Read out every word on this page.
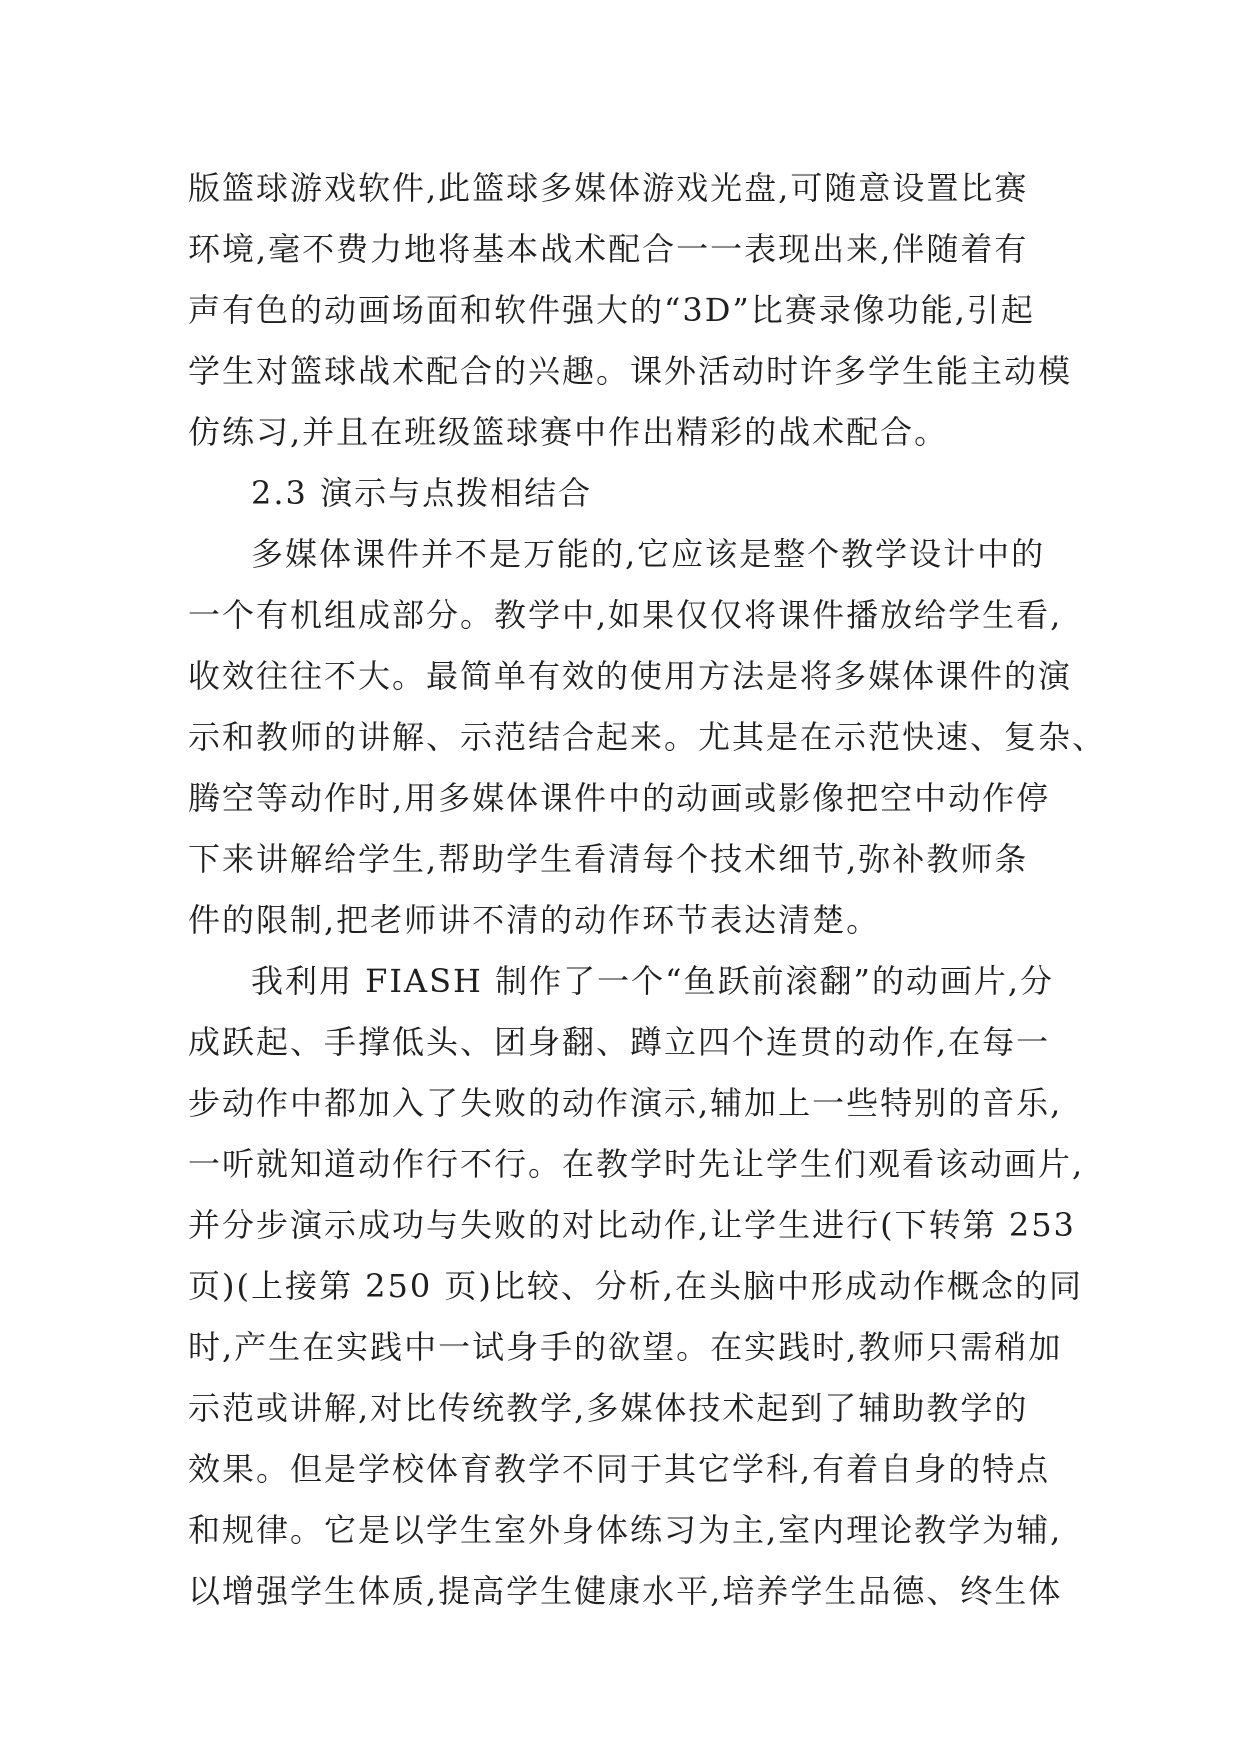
版篮球游戏软件,此篮球多媒体游戏光盘,可随意设置比赛
环境,毫不费力地将基本战术配合一一表现出来,伴随着有
声有色的动画场面和软件强大的“3D”比赛录像功能,引起
学生对篮球战术配合的兴趣。课外活动时许多学生能主动模
仿练习,并且在班级篮球赛中作出精彩的战术配合。
2.3 演示与点拨相结合
多媒体课件并不是万能的,它应该是整个教学设计中的
一个有机组成部分。教学中,如果仅仅将课件播放给学生看,
收效往往不大。最简单有效的使用方法是将多媒体课件的演
示和教师的讲解、示范结合起来。尤其是在示范快速、复杂、
腾空等动作时,用多媒体课件中的动画或影像把空中动作停
下来讲解给学生,帮助学生看清每个技术细节,弥补教师条
件的限制,把老师讲不清的动作环节表达清楚。
我利用 FIASH 制作了一个“鱼跃前滚翻”的动画片,分
成跃起、手撑低头、团身翻、蹲立四个连贯的动作,在每一
步动作中都加入了失败的动作演示,辅加上一些特别的音乐,
一听就知道动作行不行。在教学时先让学生们观看该动画片,
并分步演示成功与失败的对比动作,让学生进行(下转第 253
页)(上接第 250 页)比较、分析,在头脑中形成动作概念的同
时,产生在实践中一试身手的欲望。在实践时,教师只需稍加
示范或讲解,对比传统教学,多媒体技术起到了辅助教学的
效果。但是学校体育教学不同于其它学科,有着自身的特点
和规律。它是以学生室外身体练习为主,室内理论教学为辅,
以增强学生体质,提高学生健康水平,培养学生品德、终生体
